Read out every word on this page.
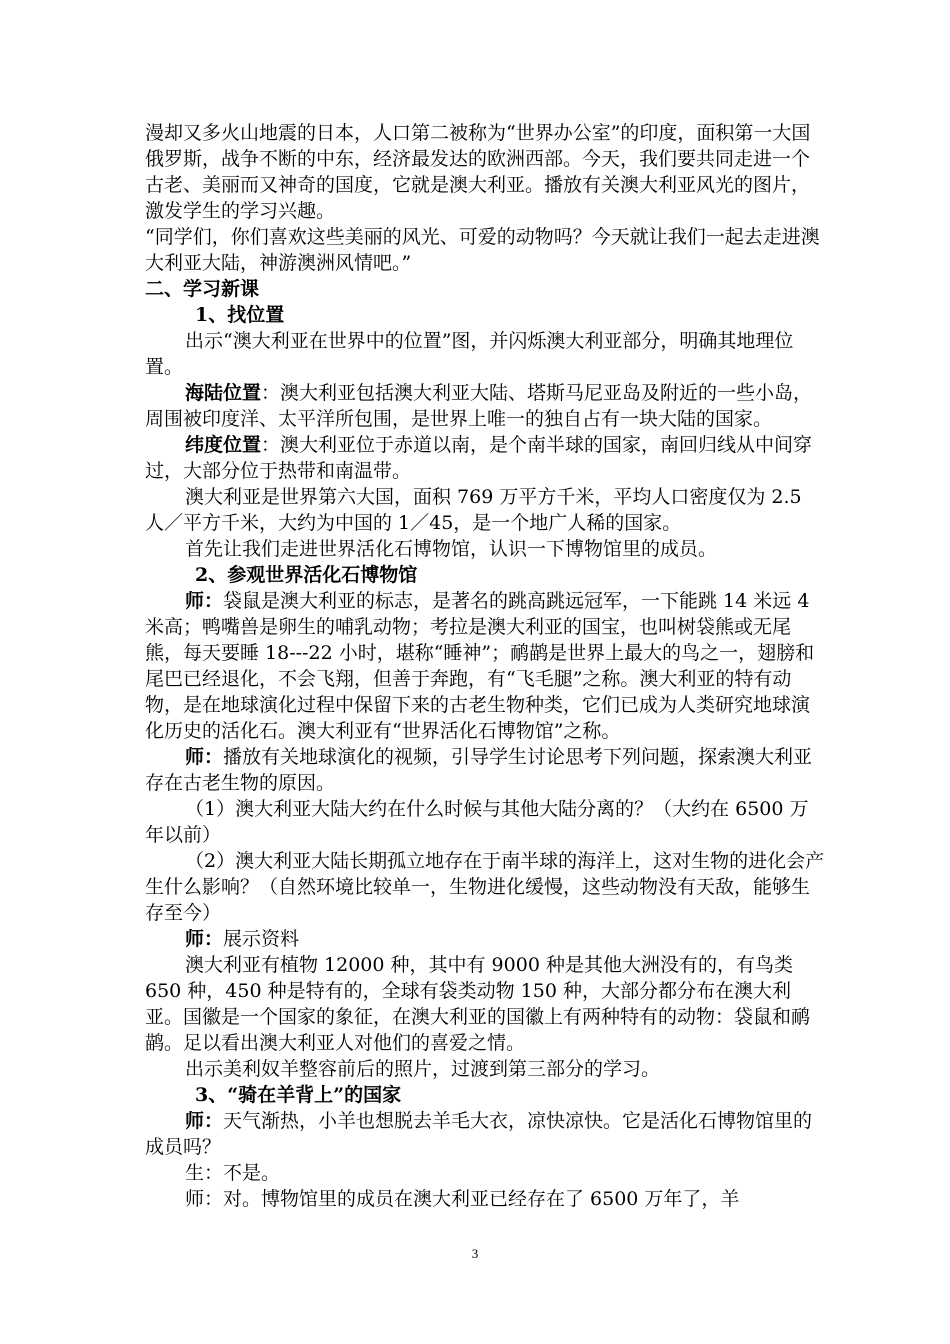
漫却又多火山地震的日本，人口第二被称为“世界办公室”的印度，面积第一大国俄罗斯，战争不断的中东，经济最发达的欧洲西部。今天，我们要共同走进一个古老、美丽而又神奇的国度，它就是澳大利亚。播放有关澳大利亚风光的图片，激发学生的学习兴趣。

“同学们，你们喜欢这些美丽的风光、可爱的动物吗？今天就让我们一起去走进澳大利亚大陆，神游澳洲风情吧。”

二、学习新课

1、找位置

出示“澳大利亚在世界中的位置”图，并闪烁澳大利亚部分，明确其地理位置。

海陆位置：澳大利亚包括澳大利亚大陆、塔斯马尼亚岛及附近的一些小岛，周围被印度洋、太平洋所包围，是世界上唯一的独自占有一块大陆的国家。

纬度位置：澳大利亚位于赤道以南，是个南半球的国家，南回归线从中间穿过，大部分位于热带和南温带。

澳大利亚是世界第六大国，面积 769 万平方千米，平均人口密度仅为 2.5 人／平方千米，大约为中国的 1／45，是一个地广人稀的国家。

首先让我们走进世界活化石博物馆，认识一下博物馆里的成员。

2、参观世界活化石博物馆

师：袋鼠是澳大利亚的标志，是著名的跳高跳远冠军，一下能跳 14 米远 4 米高；鸭嘴兽是卵生的哺乳动物；考拉是澳大利亚的国宝，也叫树袋熊或无尾熊，每天要睡 18---22 小时，堪称“睡神”；鸸鹋是世界上最大的鸟之一，翅膀和尾巴已经退化，不会飞翔，但善于奔跑，有“飞毛腿”之称。澳大利亚的特有动物，是在地球演化过程中保留下来的古老生物种类，它们已成为人类研究地球演化历史的活化石。澳大利亚有“世界活化石博物馆”之称。

师：播放有关地球演化的视频，引导学生讨论思考下列问题，探索澳大利亚存在古老生物的原因。

（1）澳大利亚大陆大约在什么时候与其他大陆分离的？（大约在 6500 万年以前）

（2）澳大利亚大陆长期孤立地存在于南半球的海洋上，这对生物的进化会产生什么影响？（自然环境比较单一，生物进化缓慢，这些动物没有天敌，能够生存至今）

师：展示资料

澳大利亚有植物 12000 种，其中有 9000 种是其他大洲没有的，有鸟类 650 种，450 种是特有的，全球有袋类动物 150 种，大部分都分布在澳大利亚。国徽是一个国家的象征，在澳大利亚的国徽上有两种特有的动物：袋鼠和鸸鹋。足以看出澳大利亚人对他们的喜爱之情。

出示美利奴羊整容前后的照片，过渡到第三部分的学习。

3、“骑在羊背上”的国家

师：天气渐热，小羊也想脱去羊毛大衣，凉快凉快。它是活化石博物馆里的成员吗？

生：不是。

师：对。博物馆里的成员在澳大利亚已经存在了 6500 万年了，羊

3
